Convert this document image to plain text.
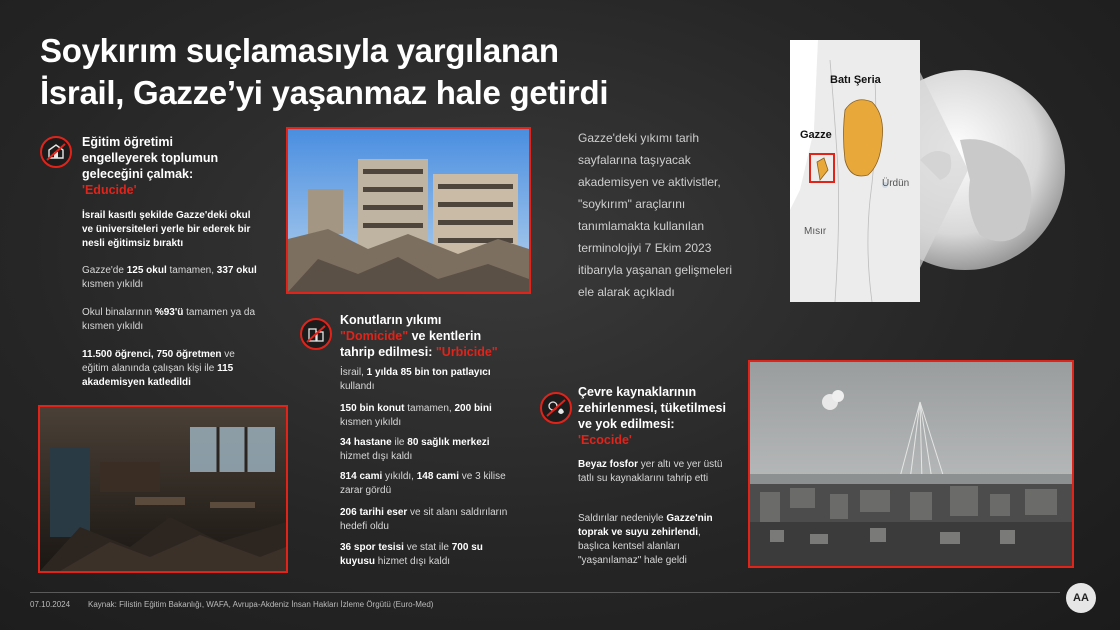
Soykırım suçlamasıyla yargılanan
İsrail, Gazze’yi yaşanmaz hale getirdi
Eğitim öğretimi
engelleyerek toplumun
geleceğini çalmak:
'Educide'
İsrail kasıtlı şekilde Gazze'deki okul ve üniversiteleri yerle bir ederek bir nesli eğitimsiz bıraktı
Gazze'de 125 okul tamamen, 337 okul kısmen yıkıldı
Okul binalarının %93'ü tamamen ya da kısmen yıkıldı
11.500 öğrenci, 750 öğretmen ve eğitim alanında çalışan kişi ile 115 akademisyen katledildi
Gazze'deki yıkımı tarih
sayfalarına taşıyacak
akademisyen ve aktivistler,
"soykırım" araçlarını
tanımlamakta kullanılan
terminolojiyi 7 Ekim 2023
itibarıyla yaşanan gelişmeleri
ele alarak açıkladı
Batı Şeria
Gazze
Ürdün
Mısır
Konutların yıkımı
"Domicide" ve kentlerin
tahrip edilmesi: "Urbicide"
İsrail, 1 yılda 85 bin ton patlayıcı kullandı
150 bin konut tamamen, 200 bini kısmen yıkıldı
34 hastane ile 80 sağlık merkezi hizmet dışı kaldı
814 cami yıkıldı, 148 cami ve 3 kilise zarar gördü
206 tarihi eser ve sit alanı saldırıların hedefi oldu
36 spor tesisi ve stat ile 700 su kuyusu hizmet dışı kaldı
Çevre kaynaklarının
zehirlenmesi, tüketilmesi
ve yok edilmesi:
'Ecocide'
Beyaz fosfor yer altı ve yer üstü tatlı su kaynaklarını tahrip etti
Saldırılar nedeniyle Gazze'nin toprak ve suyu zehirlendi, başlıca kentsel alanları "yaşanılamaz" hale geldi
07.10.2024 Kaynak: Filistin Eğitim Bakanlığı, WAFA, Avrupa-Akdeniz İnsan Hakları İzleme Örgütü (Euro-Med)
AA
